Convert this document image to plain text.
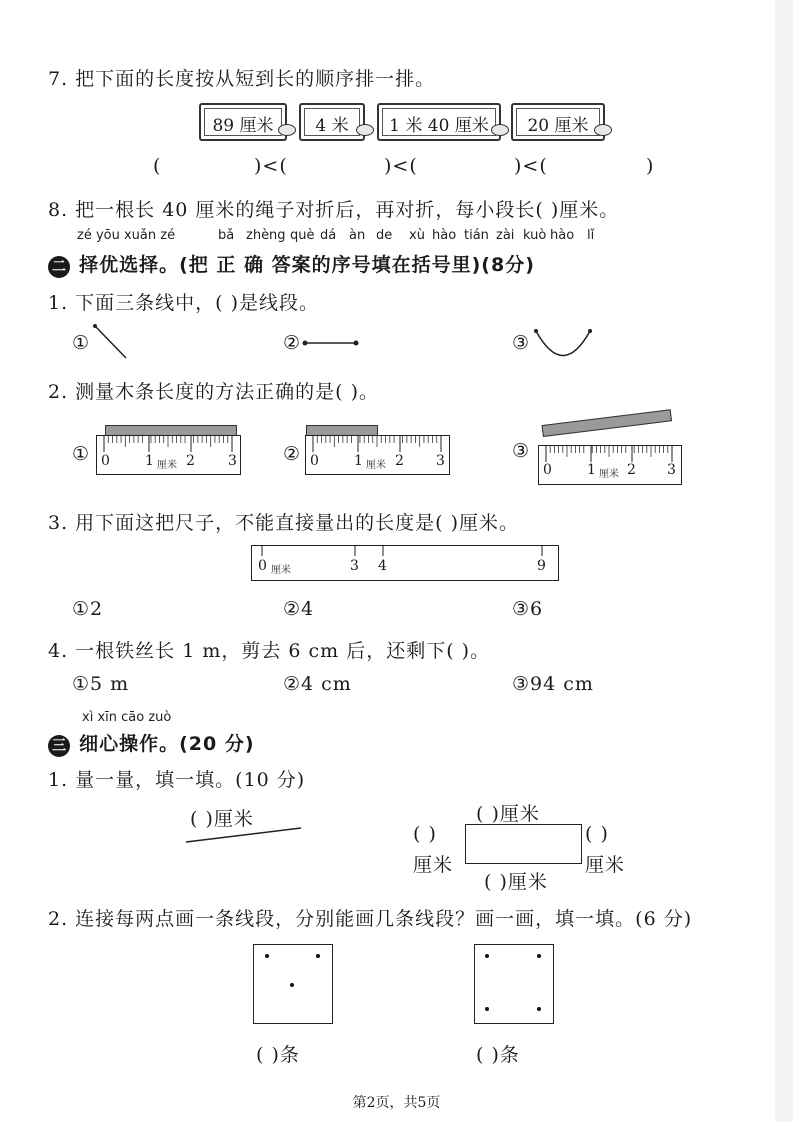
7. 把下面的长度按从短到长的顺序排一排。
89 厘米	4 米	1 米 40 厘米	20 厘米
(	)<(	)<(	)<(	)
8. 把一根长 40 厘米的绳子对折后，再对折，每小段长( )厘米。
zé yōu xuǎn zé	bǎ zhèng què dá àn de xù hào tián zài kuò hào lǐ
二 择优选择。(把 正 确 答案的序号填在括号里)(8分)
1. 下面三条线中，( )是线段。
①	②	③
2. 测量木条长度的方法正确的是( )。
①	②	③
0	1 厘米 2 3	0	1 厘米 2 3
0	1 厘米 2 3
3. 用下面这把尺子，不能直接量出的长度是( )厘米。
0 厘米	3 4	9
①2	②4	③6
4. 一根铁丝长 1 m，剪去 6 cm 后，还剩下( )。
①5 m	②4 cm	③94 cm
xì xīn cāo zuò
三 细心操作。(20 分)
1. 量一量，填一填。(10 分)
( )厘米	( )厘米
( )
厘米
( )
厘米
( )厘米
2. 连接每两点画一条线段，分别能画几条线段？画一画，填一填。(6 分)
( )条	( )条
第2页，共5页
